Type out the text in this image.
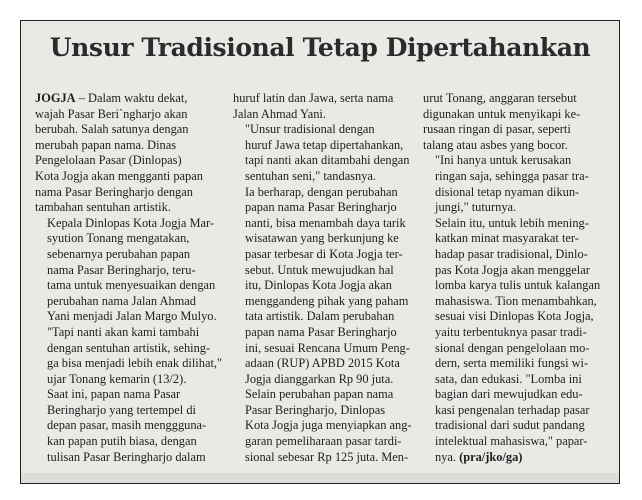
Unsur Tradisional Tetap Dipertahankan

JOGJA – Dalam waktu dekat,
wajah Pasar Beri`ngharjo akan
berubah. Salah satunya dengan
merubah papan nama. Dinas
Pengelolaan Pasar (Dinlopas)
Kota Jogja akan mengganti papan
nama Pasar Beringharjo dengan
tambahan sentuhan artistik.

Kepala Dinlopas Kota Jogja Mar-
syution Tonang mengatakan,
sebenarnya perubahan papan
nama Pasar Beringharjo, teru-
tama untuk menyesuaikan dengan
perubahan nama Jalan Ahmad
Yani menjadi Jalan Margo Mulyo.

"Tapi nanti akan kami tambahi
dengan sentuhan artistik, sehing-
ga bisa menjadi lebih enak dilihat,"
ujar Tonang kemarin (13/2).

Saat ini, papan nama Pasar
Beringharjo yang tertempel di
depan pasar, masih menggguna-
kan papan putih biasa, dengan
tulisan Pasar Beringharjo dalam

huruf latin dan Jawa, serta nama
Jalan Ahmad Yani.

"Unsur tradisional dengan
huruf Jawa tetap dipertahankan,
tapi nanti akan ditambahi dengan
sentuhan seni," tandasnya.

Ia berharap, dengan perubahan
papan nama Pasar Beringharjo
nanti, bisa menambah daya tarik
wisatawan yang berkunjung ke
pasar terbesar di Kota Jogja ter-
sebut. Untuk mewujudkan hal
itu, Dinlopas Kota Jogja akan
menggandeng pihak yang paham
tata artistik. Dalam perubahan
papan nama Pasar Beringharjo
ini, sesuai Rencana Umum Peng-
adaan (RUP) APBD 2015 Kota
Jogja dianggarkan Rp 90 juta.

Selain perubahan papan nama
Pasar Beringharjo, Dinlopas
Kota Jogja juga menyiapkan ang-
garan pemeliharaan pasar tardi-
sional sebesar Rp 125 juta. Men-

urut Tonang, anggaran tersebut
digunakan untuk menyikapi ke-
rusaan ringan di pasar, seperti
talang atau asbes yang bocor.

"Ini hanya untuk kerusakan
ringan saja, sehingga pasar tra-
disional tetap nyaman dikun-
jungi," tuturnya.

Selain itu, untuk lebih mening-
katkan minat masyarakat ter-
hadap pasar tradisional, Dinlo-
pas Kota Jogja akan menggelar
lomba karya tulis untuk kalangan
mahasiswa. Tion menambahkan,
sesuai visi Dinlopas Kota Jogja,
yaitu terbentuknya pasar tradi-
sional dengan pengelolaan mo-
dern, serta memiliki fungsi wi-
sata, dan edukasi. "Lomba ini
bagian dari mewujudkan edu-
kasi pengenalan terhadap pasar
tradisional dari sudut pandang
intelektual mahasiswa," papar-
nya. (pra/jko/ga)
